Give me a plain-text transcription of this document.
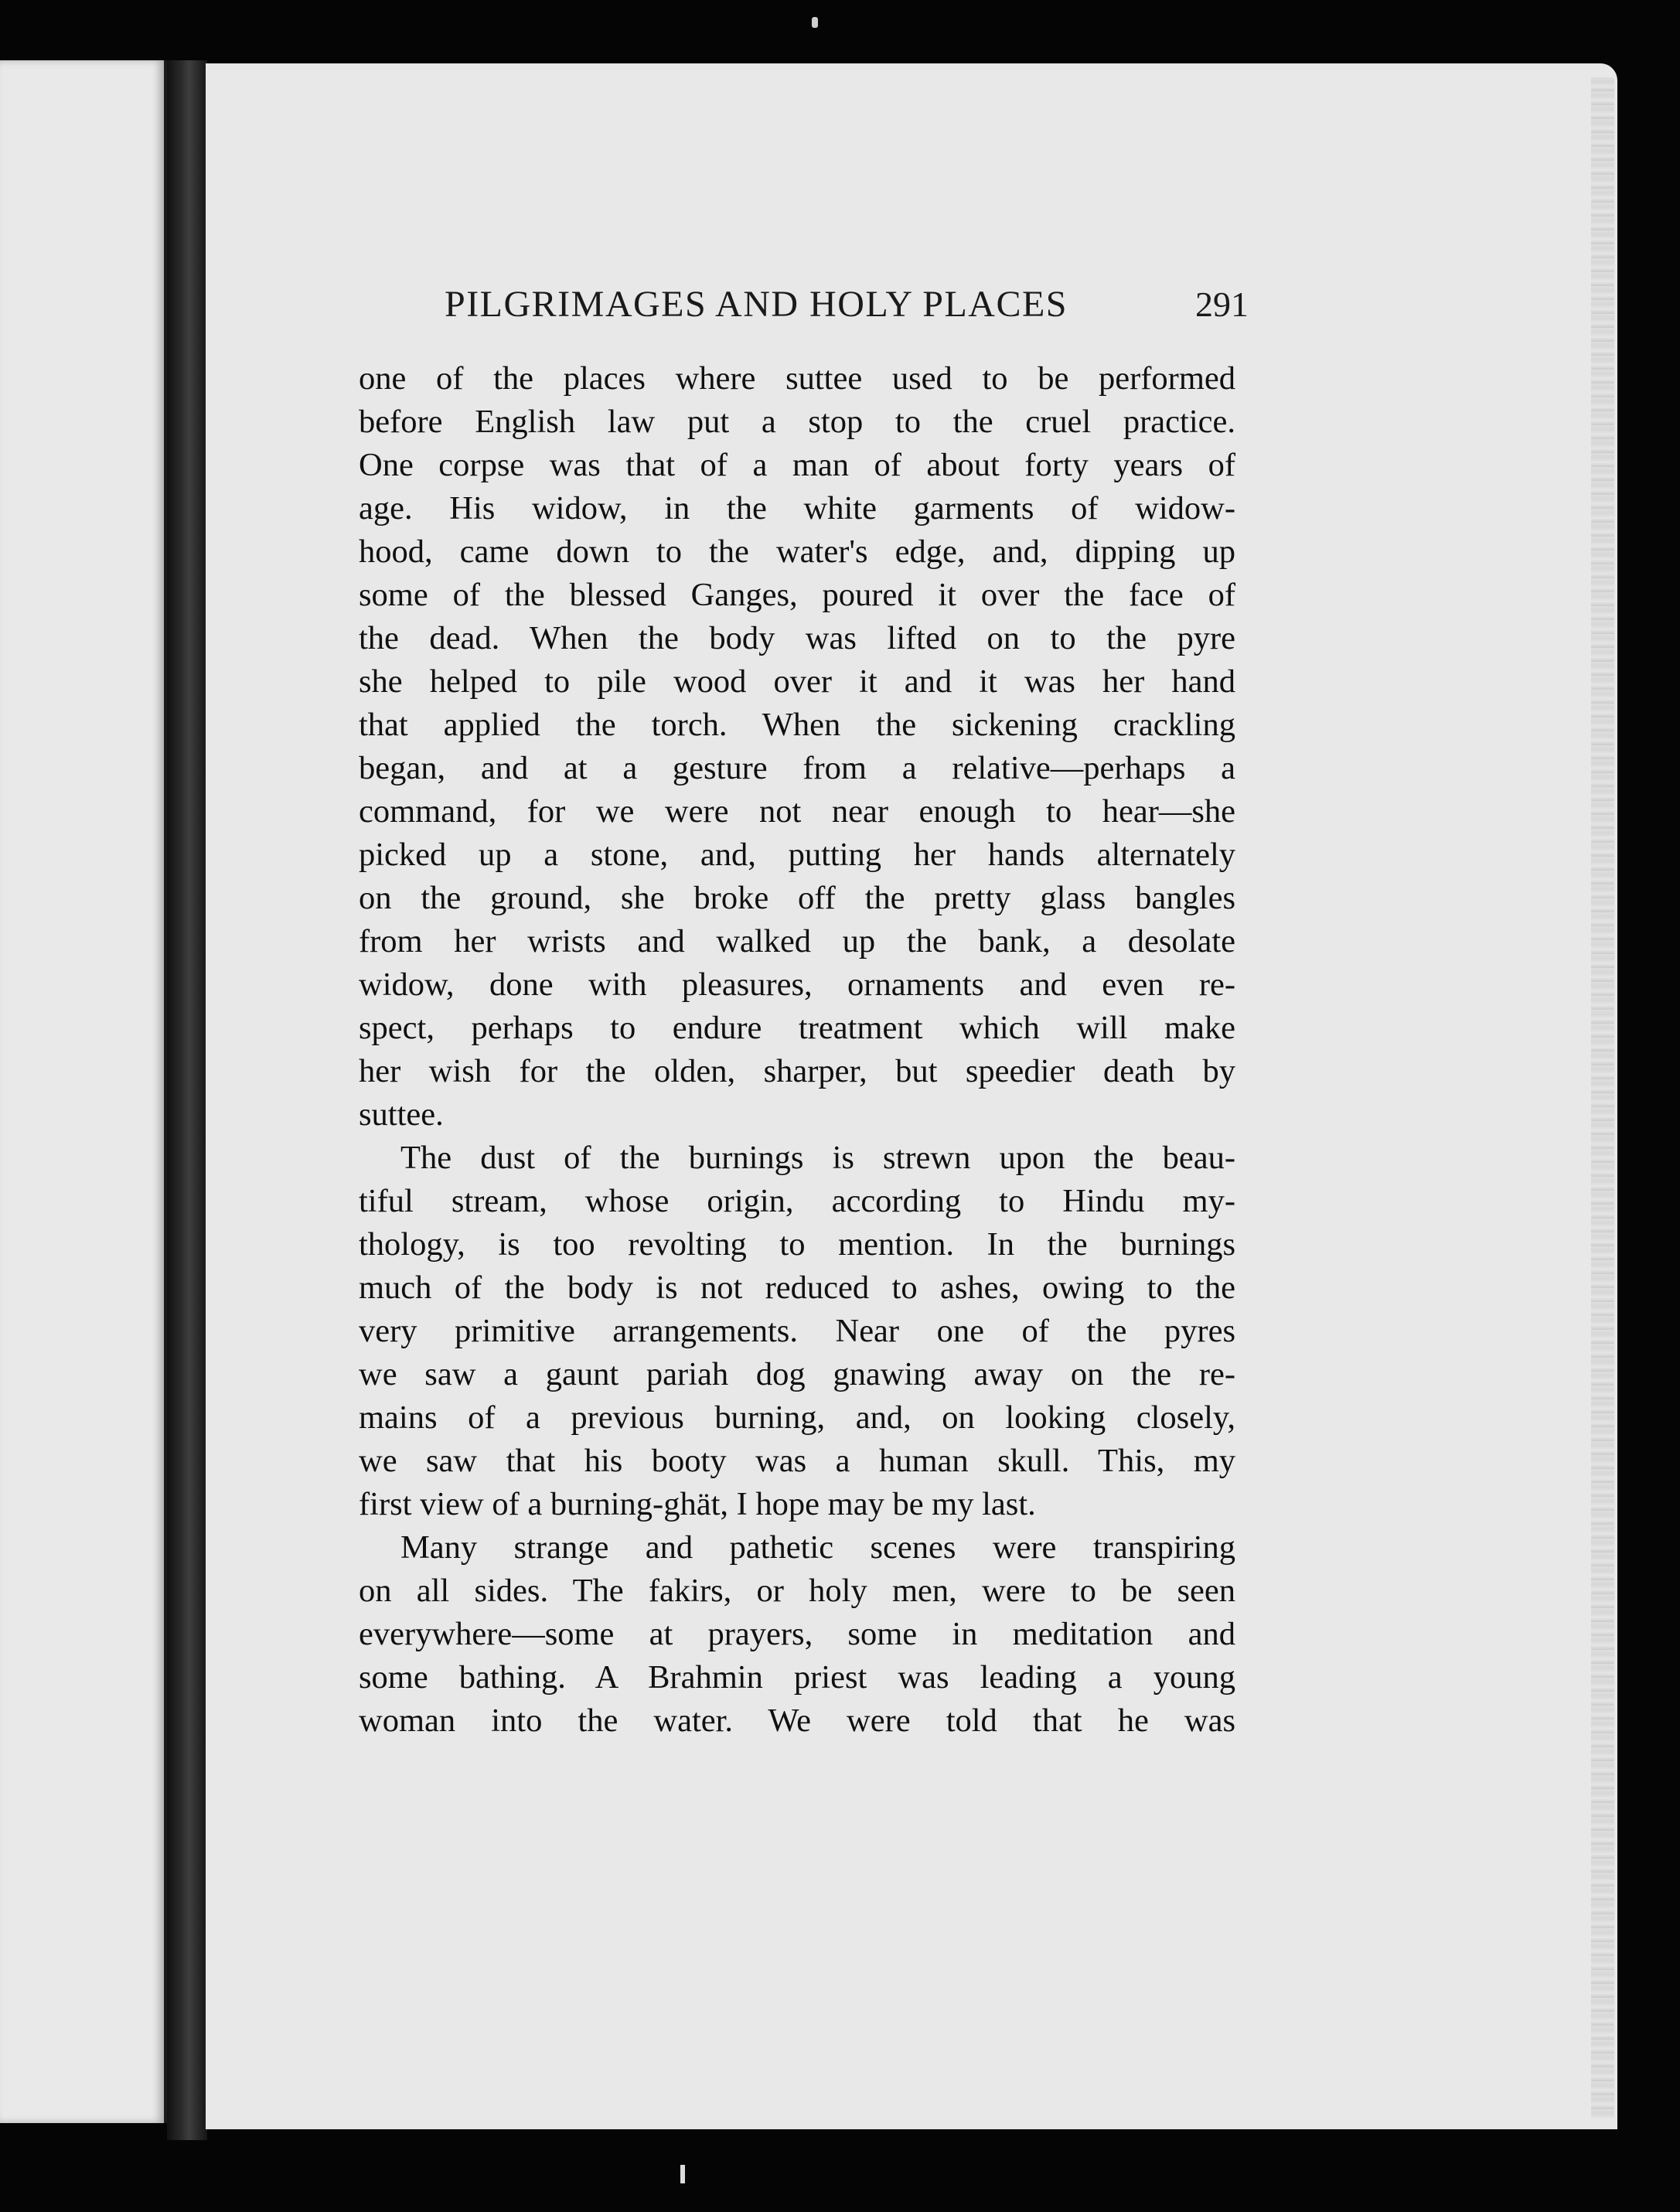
PILGRIMAGES AND HOLY PLACES	291
one of the places where suttee used to be performed
before English law put a stop to the cruel practice.
One corpse was that of a man of about forty years of
age. His widow, in the white garments of widow-
hood, came down to the water's edge, and, dipping up
some of the blessed Ganges, poured it over the face of
the dead. When the body was lifted on to the pyre
she helped to pile wood over it and it was her hand
that applied the torch. When the sickening crackling
began, and at a gesture from a relative—perhaps a
command, for we were not near enough to hear—she
picked up a stone, and, putting her hands alternately
on the ground, she broke off the pretty glass bangles
from her wrists and walked up the bank, a desolate
widow, done with pleasures, ornaments and even re-
spect, perhaps to endure treatment which will make
her wish for the olden, sharper, but speedier death by
suttee.
The dust of the burnings is strewn upon the beau-
tiful stream, whose origin, according to Hindu my-
thology, is too revolting to mention. In the burnings
much of the body is not reduced to ashes, owing to the
very primitive arrangements. Near one of the pyres
we saw a gaunt pariah dog gnawing away on the re-
mains of a previous burning, and, on looking closely,
we saw that his booty was a human skull. This, my
first view of a burning-ghät, I hope may be my last.
Many strange and pathetic scenes were transpiring
on all sides. The fakirs, or holy men, were to be seen
everywhere—some at prayers, some in meditation and
some bathing. A Brahmin priest was leading a young
woman into the water. We were told that he was
